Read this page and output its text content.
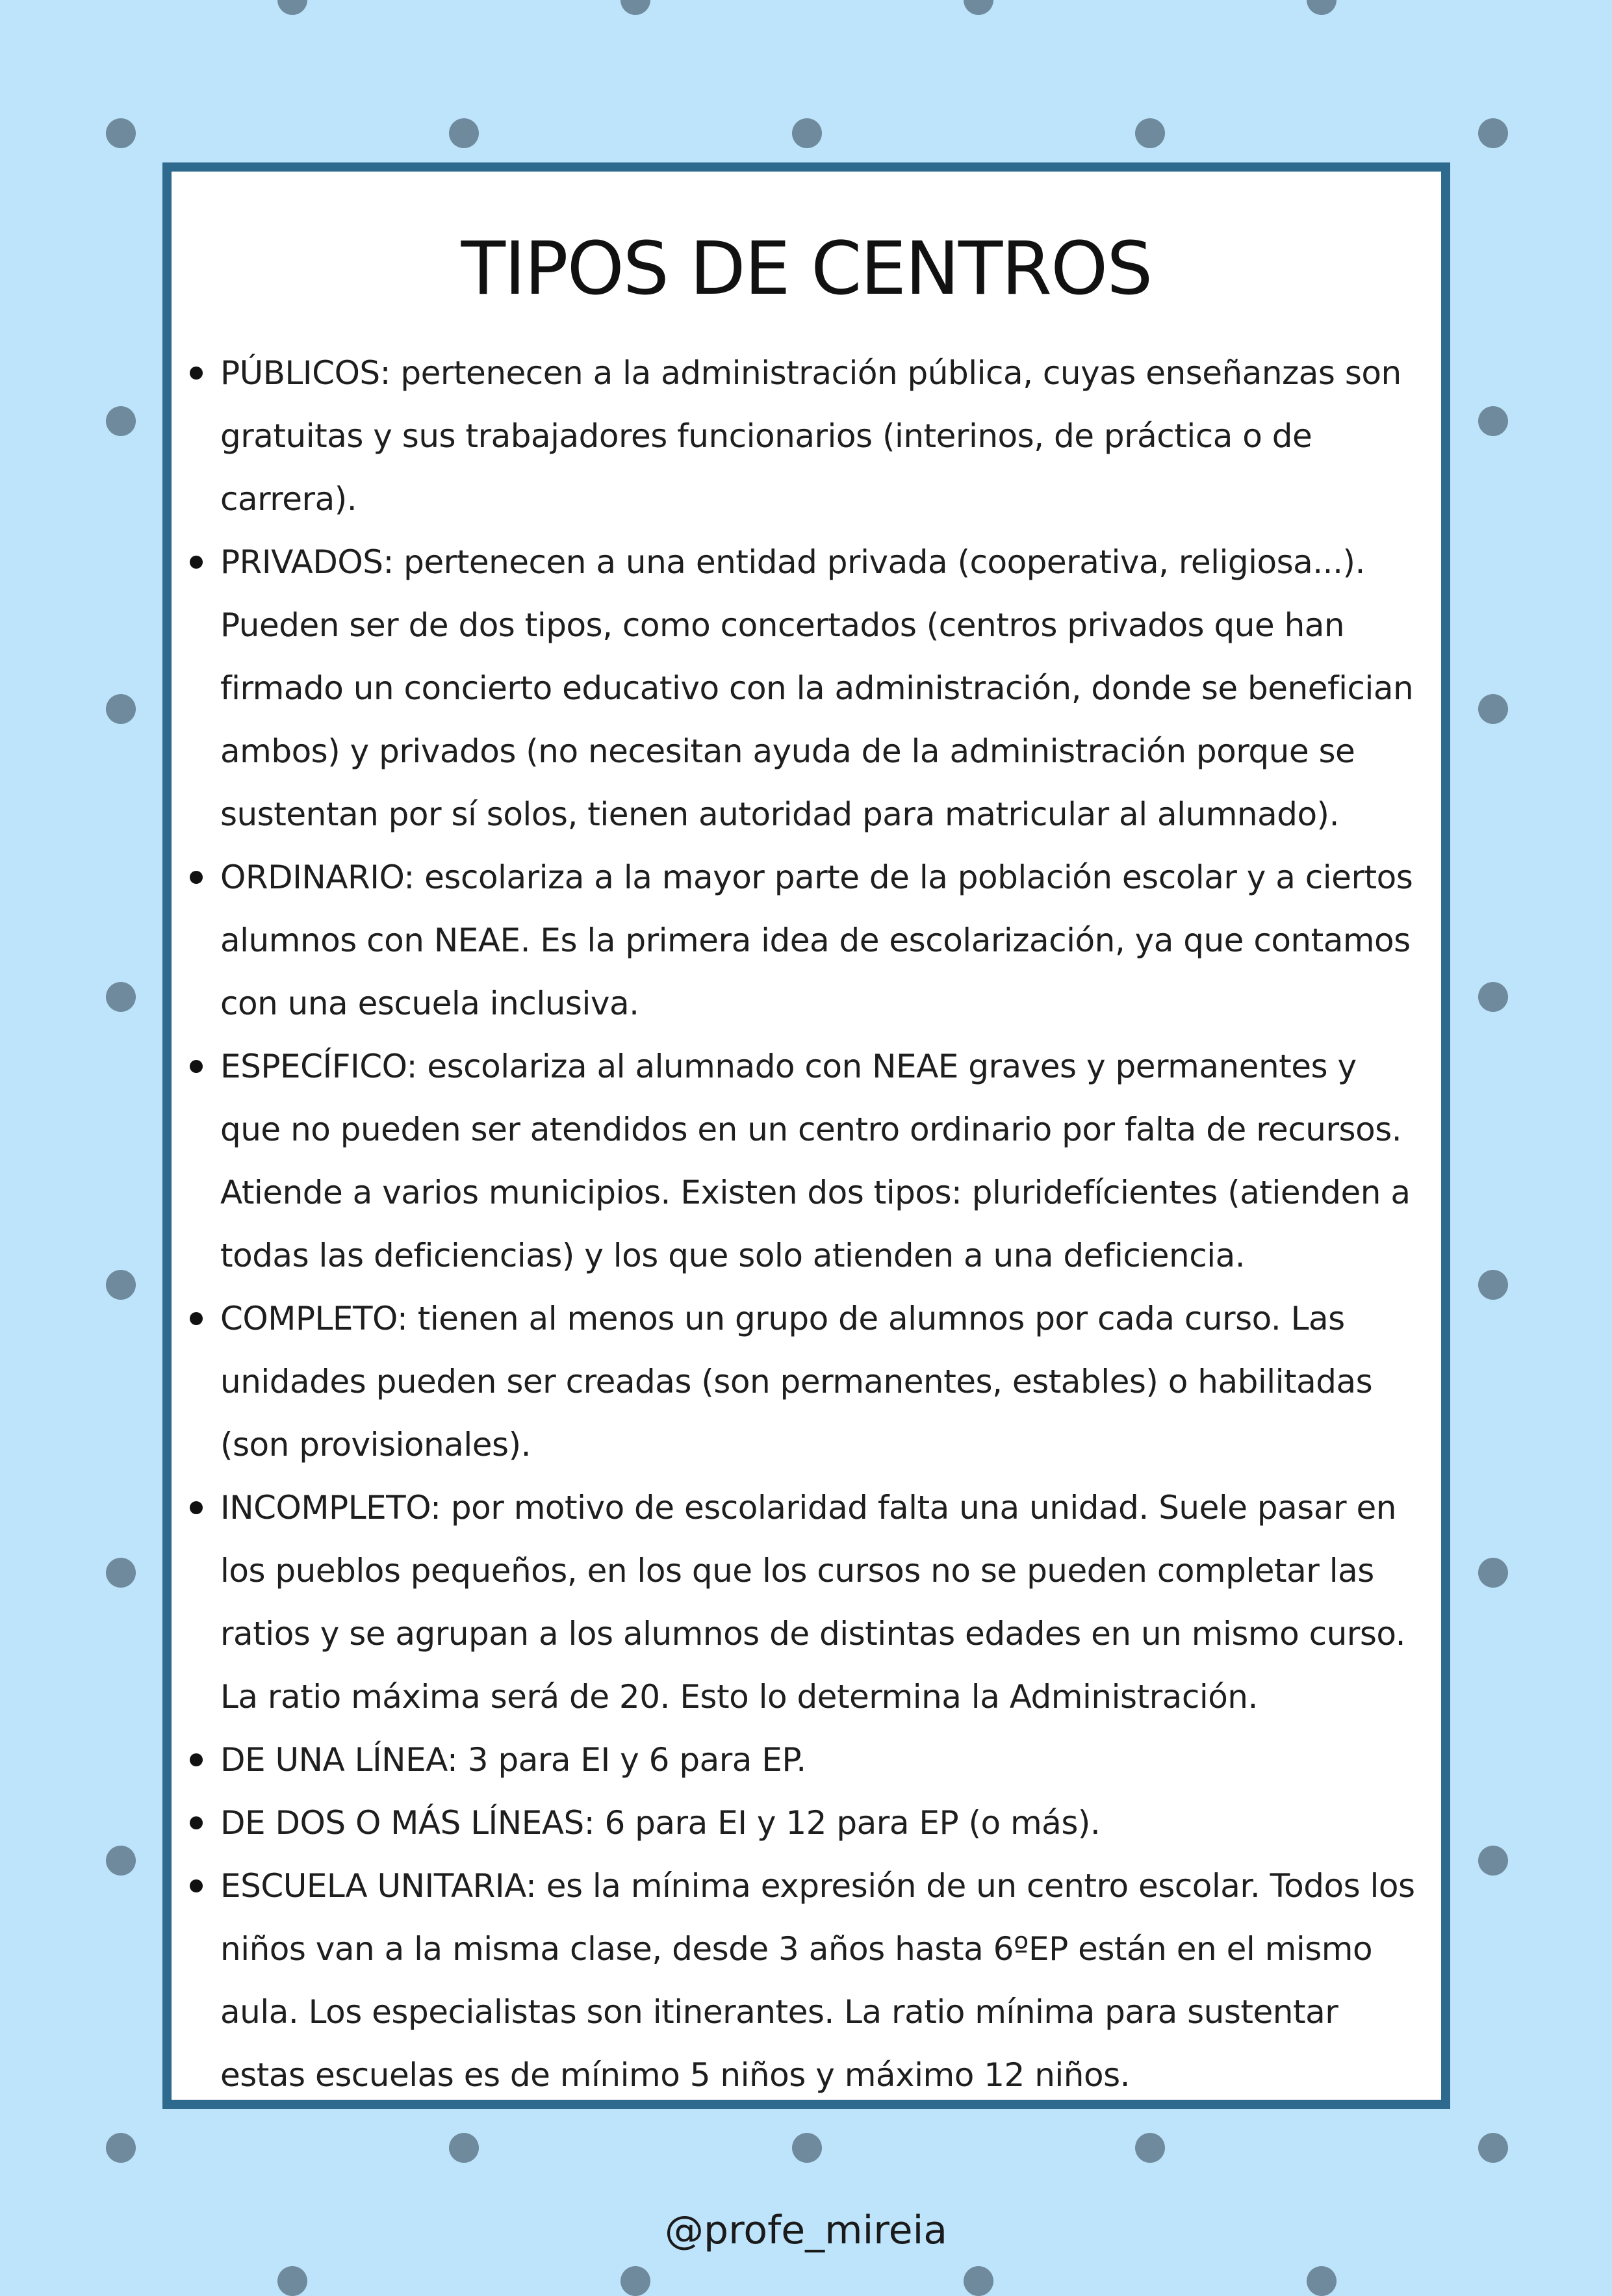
TIPOS DE CENTROS
PÚBLICOS: pertenecen a la administración pública, cuyas enseñanzas son gratuitas y sus trabajadores funcionarios (interinos, de práctica o de carrera).
PRIVADOS: pertenecen a una entidad privada (cooperativa, religiosa...). Pueden ser de dos tipos, como concertados (centros privados que han firmado un concierto educativo con la administración, donde se benefician ambos) y privados (no necesitan ayuda de la administración porque se sustentan por sí solos, tienen autoridad para matricular al alumnado).
ORDINARIO: escolariza a la mayor parte de la población escolar y a ciertos alumnos con NEAE. Es la primera idea de escolarización, ya que contamos con una escuela inclusiva.
ESPECÍFICO: escolariza al alumnado con NEAE graves y permanentes y que no pueden ser atendidos en un centro ordinario por falta de recursos. Atiende a varios municipios. Existen dos tipos: pluridefícientes (atienden a todas las deficiencias) y los que solo atienden a una deficiencia.
COMPLETO: tienen al menos un grupo de alumnos por cada curso. Las unidades pueden ser creadas (son permanentes, estables) o habilitadas (son provisionales).
INCOMPLETO: por motivo de escolaridad falta una unidad. Suele pasar en los pueblos pequeños, en los que los cursos no se pueden completar las ratios y se agrupan a los alumnos de distintas edades en un mismo curso. La ratio máxima será de 20. Esto lo determina la Administración.
DE UNA LÍNEA: 3 para EI y 6 para EP.
DE DOS O MÁS LÍNEAS: 6 para EI y 12 para EP (o más).
ESCUELA UNITARIA: es la mínima expresión de un centro escolar. Todos los niños van a la misma clase, desde 3 años hasta 6ºEP están en el mismo aula. Los especialistas son itinerantes. La ratio mínima para sustentar estas escuelas es de mínimo 5 niños y máximo 12 niños.
@profe_mireia
